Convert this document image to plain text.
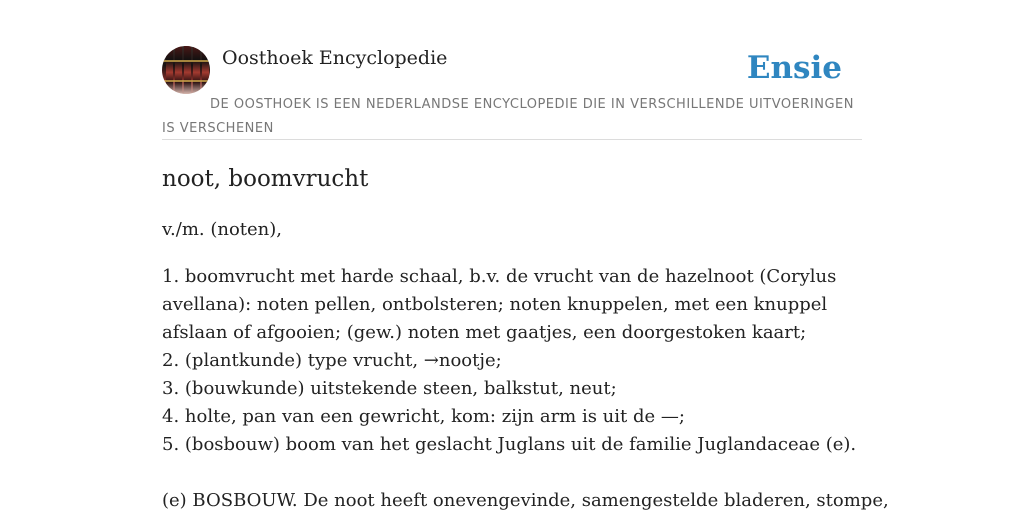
Oosthoek Encyclopedie	Ensie
DE OOSTHOEK IS EEN NEDERLANDSE ENCYCLOPEDIE DIE IN VERSCHILLENDE UITVOERINGEN IS VERSCHENEN
noot, boomvrucht
v./m. (noten),
1. boomvrucht met harde schaal, b.v. de vrucht van de hazelnoot (Corylus avellana): noten pellen, ontbolsteren; noten knuppelen, met een knuppel afslaan of afgooien; (gew.) noten met gaatjes, een doorgestoken kaart;
2. (plantkunde) type vrucht, →nootje;
3. (bouwkunde) uitstekende steen, balkstut, neut;
4. holte, pan van een gewricht, kom: zijn arm is uit de —;
5. (bosbouw) boom van het geslacht Juglans uit de familie Juglandaceae (e).
(e) BOSBOUW. De noot heeft onevengevinde, samengestelde bladeren, stompe,
